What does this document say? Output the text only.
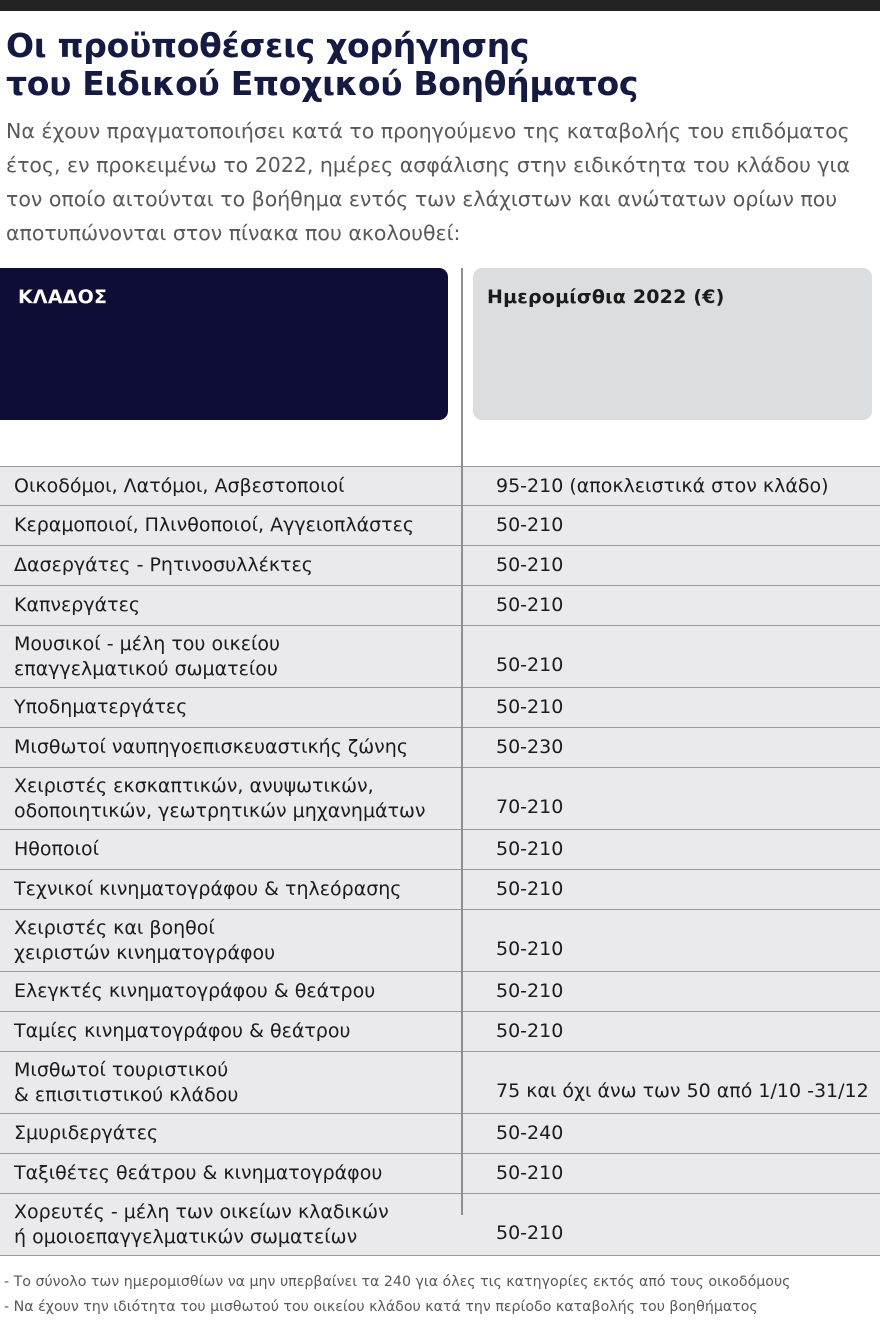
Οι προϋποθέσεις χορήγησης
του Ειδικού Εποχικού Βοηθήματος
Να έχουν πραγματοποιήσει κατά το προηγούμενο της καταβολής του επιδόματος έτος, εν προκειμένω το 2022, ημέρες ασφάλισης στην ειδικότητα του κλάδου για τον οποίο αιτούνται το βοήθημα εντός των ελάχιστων και ανώτατων ορίων που αποτυπώνονται στον πίνακα που ακολουθεί:
ΚΛΑΔΟΣ	Ημερομίσθια 2022 (€)
Οικοδόμοι, Λατόμοι, Ασβεστοποιοί	95-210 (αποκλειστικά στον κλάδο)
Κεραμοποιοί, Πλινθοποιοί, Αγγειοπλάστες	50-210
Δασεργάτες - Ρητινοσυλλέκτες	50-210
Καπνεργάτες	50-210
Μουσικοί - μέλη του οικείου
επαγγελματικού σωματείου	50-210
Υποδηματεργάτες	50-210
Μισθωτοί ναυπηγοεπισκευαστικής ζώνης	50-230
Χειριστές εκσκαπτικών, ανυψωτικών,
οδοποιητικών, γεωτρητικών μηχανημάτων	70-210
Ηθοποιοί	50-210
Τεχνικοί κινηματογράφου & τηλεόρασης	50-210
Χειριστές και βοηθοί
χειριστών κινηματογράφου	50-210
Ελεγκτές κινηματογράφου & θεάτρου	50-210
Ταμίες κινηματογράφου & θεάτρου	50-210
Μισθωτοί τουριστικού
& επισιτιστικού κλάδου	75 και όχι άνω των 50 από 1/10 -31/12
Σμυριδεργάτες	50-240
Ταξιθέτες θεάτρου & κινηματογράφου	50-210
Χορευτές - μέλη των οικείων κλαδικών
ή ομοιοεπαγγελματικών σωματείων	50-210
- Το σύνολο των ημερομισθίων να μην υπερβαίνει τα 240 για όλες τις κατηγορίες εκτός από τους οικοδόμους
- Να έχουν την ιδιότητα του μισθωτού του οικείου κλάδου κατά την περίοδο καταβολής του βοηθήματος
